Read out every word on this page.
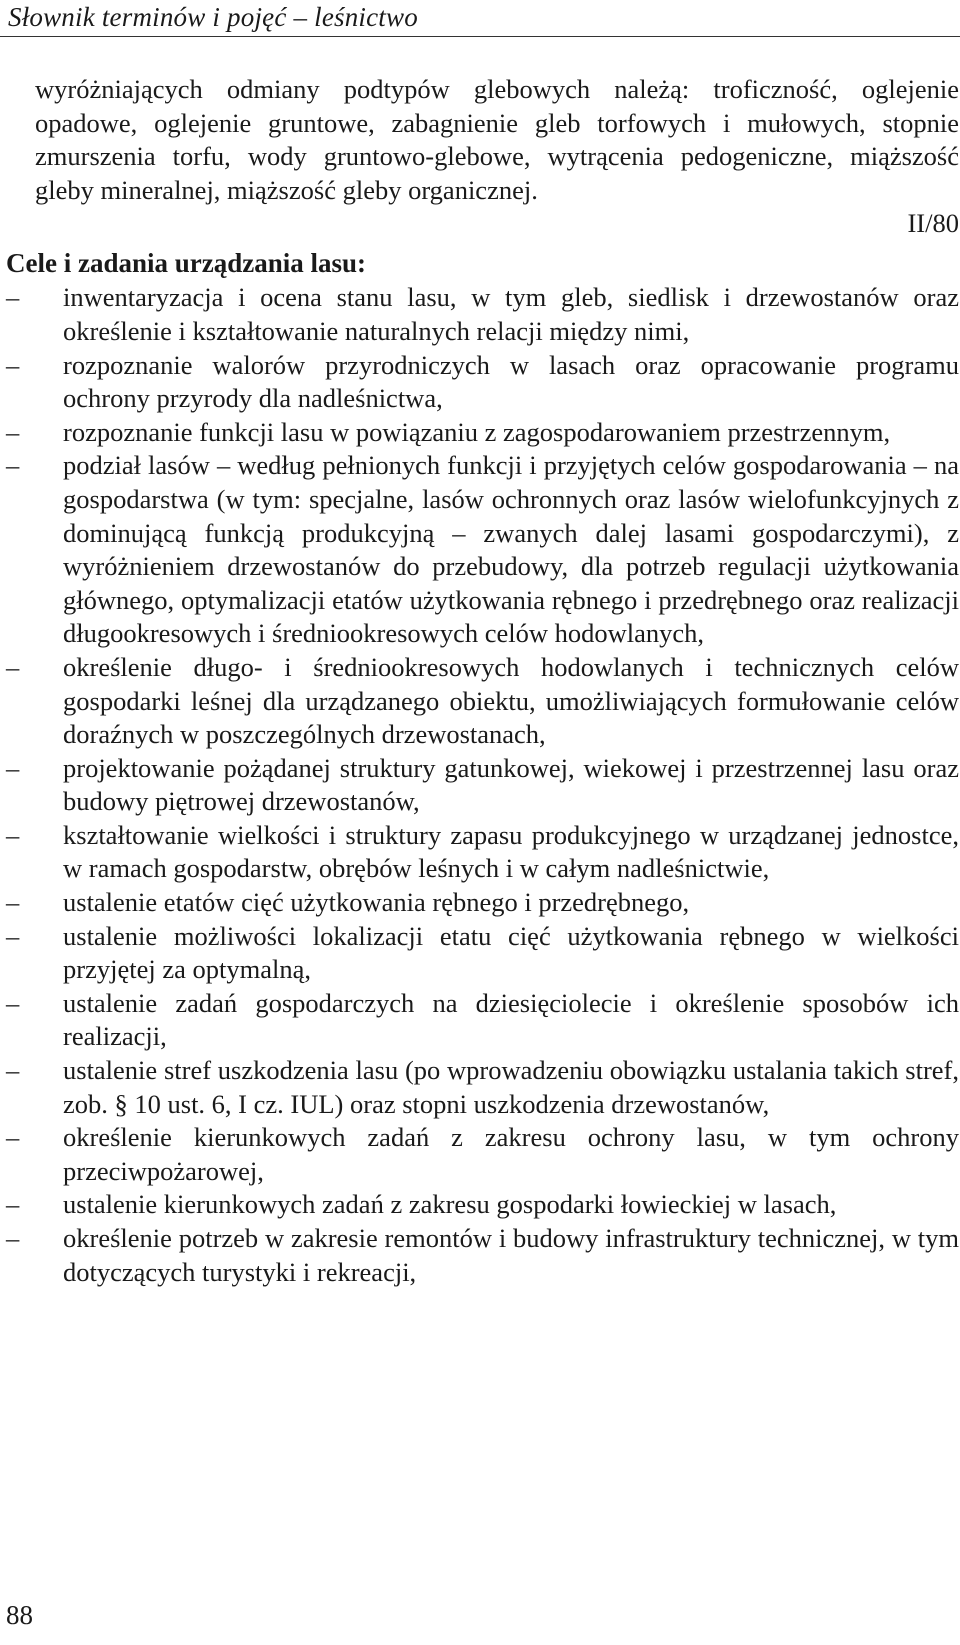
Słownik terminów i pojęć – leśnictwo

wyróżniających odmiany podtypów glebowych należą: troficzność, oglejenie opadowe, oglejenie gruntowe, zabagnienie gleb torfowych i mułowych, stopnie zmurszenia torfu, wody gruntowo-glebowe, wytrącenia pedogeniczne, miąższość gleby mineralnej, miąższość gleby organicznej.

II/80

Cele i zadania urządzania lasu:
– inwentaryzacja i ocena stanu lasu, w tym gleb, siedlisk i drzewostanów oraz określenie i kształtowanie naturalnych relacji między nimi,
– rozpoznanie walorów przyrodniczych w lasach oraz opracowanie programu ochrony przyrody dla nadleśnictwa,
– rozpoznanie funkcji lasu w powiązaniu z zagospodarowaniem przestrzennym,
– podział lasów – według pełnionych funkcji i przyjętych celów gospodarowania – na gospodarstwa (w tym: specjalne, lasów ochronnych oraz lasów wielofunkcyjnych z dominującą funkcją produkcyjną – zwanych dalej lasami gospodarczymi), z wyróżnieniem drzewostanów do przebudowy, dla potrzeb regulacji użytkowania głównego, optymalizacji etatów użytkowania rębnego i przedrębnego oraz realizacji długookresowych i średniookresowych celów hodowlanych,
– określenie długo- i średniookresowych hodowlanych i technicznych celów gospodarki leśnej dla urządzanego obiektu, umożliwiających formułowanie celów doraźnych w poszczególnych drzewostanach,
– projektowanie pożądanej struktury gatunkowej, wiekowej i przestrzennej lasu oraz budowy piętrowej drzewostanów,
– kształtowanie wielkości i struktury zapasu produkcyjnego w urządzanej jednostce, w ramach gospodarstw, obrębów leśnych i w całym nadleśnictwie,
– ustalenie etatów cięć użytkowania rębnego i przedrębnego,
– ustalenie możliwości lokalizacji etatu cięć użytkowania rębnego w wielkości przyjętej za optymalną,
– ustalenie zadań gospodarczych na dziesięciolecie i określenie sposobów ich realizacji,
– ustalenie stref uszkodzenia lasu (po wprowadzeniu obowiązku ustalania takich stref, zob. § 10 ust. 6, I cz. IUL) oraz stopni uszkodzenia drzewostanów,
– określenie kierunkowych zadań z zakresu ochrony lasu, w tym ochrony przeciwpożarowej,
– ustalenie kierunkowych zadań z zakresu gospodarki łowieckiej w lasach,
– określenie potrzeb w zakresie remontów i budowy infrastruktury technicznej, w tym dotyczących turystyki i rekreacji,
88
